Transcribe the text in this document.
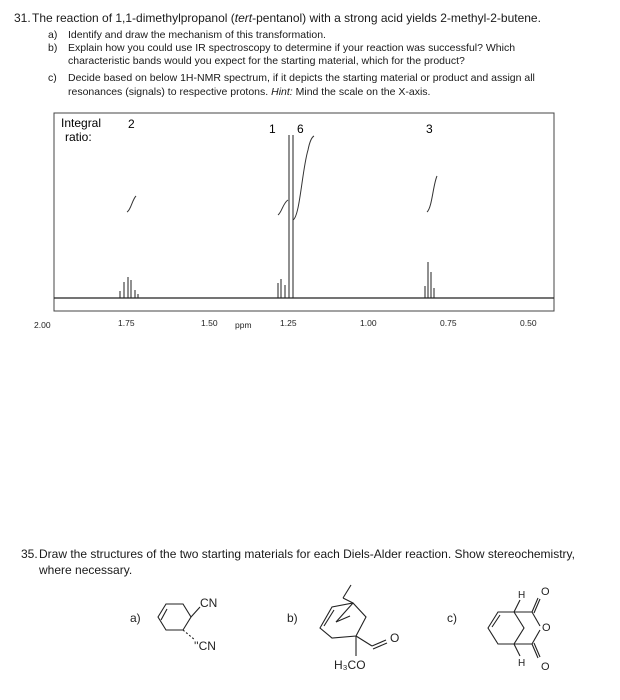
31. The reaction of 1,1-dimethylpropanol (tert-pentanol) with a strong acid yields 2-methyl-2-butene.
a) Identify and draw the mechanism of this transformation.
b) Explain how you could use IR spectroscopy to determine if your reaction was successful? Which
characteristic bands would you expect for the starting material, which for the product?
c) Decide based on below 1H-NMR spectrum, if it depicts the starting material or product and assign all
resonances (signals) to respective protons. Hint: Mind the scale on the X-axis.
Integral
ratio:
2	1 6	3
2.00	1.75	1.50	1.25	1.00	0.75	0.50
ppm
35. Draw the structures of the two starting materials for each Diels-Alder reaction. Show stereochemistry,
where necessary.
a)
CN
''CN
b)
H₃CO
O
c)
H
H
O
O
O
